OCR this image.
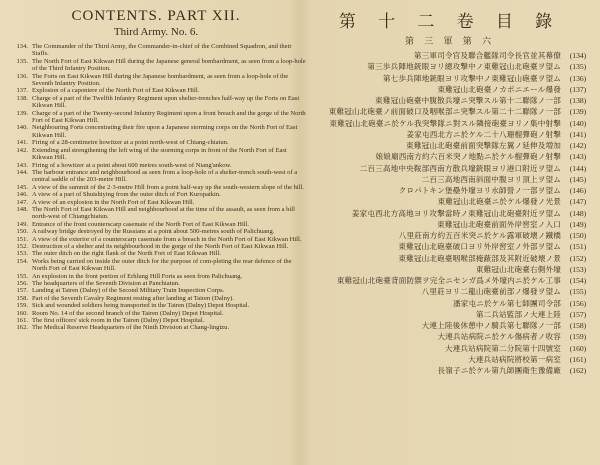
CONTENTS. PART XII.
Third Army. No. 6.
134. The Commander of the Third Army, the Commander-in-chief of the Combined Squadron, and their Staffs.
135. The North Fort of East Kikwan Hill during the Japanese general bombardment, as seen from a loop-hole of the Third Infantry Position.
136. The Forts on East Kikwan Hill during the Japanese bombardment, as seen from a loop-hole of the Seventh Infantry Position.
137. Explosion of a caponiere of the North Fort of East Kikwan Hill.
138. Charge of a part of the Twelfth Infantry Regiment upon shelter-trenches half-way up the Forts on East Kikwan Hill.
139. Charge of a part of the Twenty-second Infantry Regiment upon a front breach and the gorge of the North Fort of East Kikwan Hill.
140. Neighbouring Forts concentrating their fire upon a Japanese storming corps on the North Fort of East Kikwan Hill.
141. Firing of a 28-centimetre howitzer at a point north-west of Chiang-chiatun.
142. Extending and strengthening the left wing of the storming corps in front of the North Fort of East Kikwan Hill.
143. Firing of a howitzer at a point about 600 metres south-west of Niang'ankow.
144. The harbour entrance and neighbourhood as seen from a loop-hole of a shelter-trench south-west of a central saddle of the 203-metre Hill.
145. A view of the summit of the 2·3-metre Hill from a point half-way up the south-western slope of the hill.
146. A view of a part of Shuishiying from the outer ditch of Fort Kuropatkin.
147. A view of an explosion in the North Fort of East Kikwan Hill.
148. The North Fort of East Kikwan Hill and neighbourhood at the time of the assault, as seen from a hill north-west of Chiangchiatun.
149. Entrance of the front counterscarp casemate of the North Fort of East Kikwan Hill.
150. A railway bridge destroyed by the Russians at a point about 500-metres south of Palichuang.
151. A view of the exterior of a counterscarp casemate from a breach in the North Fort of East Kikwan Hill.
152. Destruction of a shelter and its neighbourhood in the gorge of the North Fort of East Kikwan Hill.
153. The outer ditch on the right flank of the North Fort of East Kikwan Hill.
154. Works being carried on inside the outer ditch for the purpose of com-pleting the rear defence of the North Fort of East Kikwan Hill.
155. An explosion in the front portion of Erhlung Hill Forts as seen from Palichuang.
156. The headquarters of the Seventh Division at Panchiatun.
157. Landing at Tairen (Dalny) of the Second Military Train Inspection Corps.
158. Part of the Seventh Cavalry Regiment resting after landing at Tairen (Dalny).
159. Sick and wounded soldiers being transported in the Tairen (Dalny) Depot Hospital.
160. Room No. 14 of the second branch of the Tairen (Dalny) Depot Hospital.
161. The first officers' sick room in the Tairen (Dalny) Depot Hospital.
162. The Medical Reserve Headquarters of the Ninth Division at Chang-lingtzu.
第 十 二 卷 目 錄
第 三 軍 第 六
第三軍司令官及聯合艦隊司令長官並其幕僚	(134)
第三歩兵陣地銃眼ヨリ總攻撃中ノ東雞冠山北砲臺ヲ望ム	(135)
第七歩兵陣地銃眼ヨリ攻撃中ノ東雞冠山砲臺ヲ望ム	(136)
東雞冠山北砲臺ノカポニエール爆發	(137)
東雞冠山砲臺中腹散兵壕ニ突撃スル第十二聯隊ノ一部	(138)
東雞冠山北砲臺ノ前面破口及咽喉部ニ突撃スル第二十二聯隊ノ一部	(139)
東雞冠山北砲臺ニ於ケル我突撃隊ニ對スル隣接砲臺ヨリノ集中射撃	(140)
姜家屯西北方ニ於ケル二十八珊榴彈砲ノ射撃	(141)
東雞冠山北砲臺前面突撃隊左翼ノ延伸及増加	(142)
娘娘廟西南方約六百米突ノ地點ニ於ケル榴彈砲ノ射撃	(143)
二百三高地中央鞍部西南方散兵壕銃眼ヨリ港口附近ヲ望ム	(144)
二百三高地西南斜面中腹ヨリ頂上ヲ望ム	(145)
クロパトキン堡壘外壕ヨリ水師營ノ一部ヲ望ム	(146)
東雞冠山北砲臺ニ於ケル爆發ノ光景	(147)
姜家屯西北方高地ヨリ攻撃當時ノ東雞冠山北砲臺附近ヲ望ム	(148)
東雞冠山北砲臺前面外岸窖室ノ入口	(149)
八里莊南方約五百米突ニ於ケル露軍破壊ノ鐵橋	(150)
東雞冠山北砲臺破口ヨリ外岸窖室ノ外部ヲ望ム	(151)
東雞冠山北砲臺咽喉部掩蔽部及其附近破壊ノ景	(152)
東雞冠山北砲臺右側外壕	(153)
東雞冠山北砲臺背面防禦ヲ完全ニセンガ爲メ外壕内ニ於ケル工事	(154)
八里莊ヨリ二龍山砲臺前部ノ爆發ヲ望ム	(155)
潘家屯ニ於ケル第七師團司令部	(156)
第二兵站監部ノ大連上陸	(157)
大連上陸後休憩中ノ騎兵第七聯隊ノ一部	(158)
大連兵站病院ニ於ケル傷病者ノ收容	(159)
大連兵站病院第二分院第十四號室	(160)
大連兵站病院將校第一病室	(161)
長嶺子ニ於ケル第九師團衛生豫備廠	(162)
